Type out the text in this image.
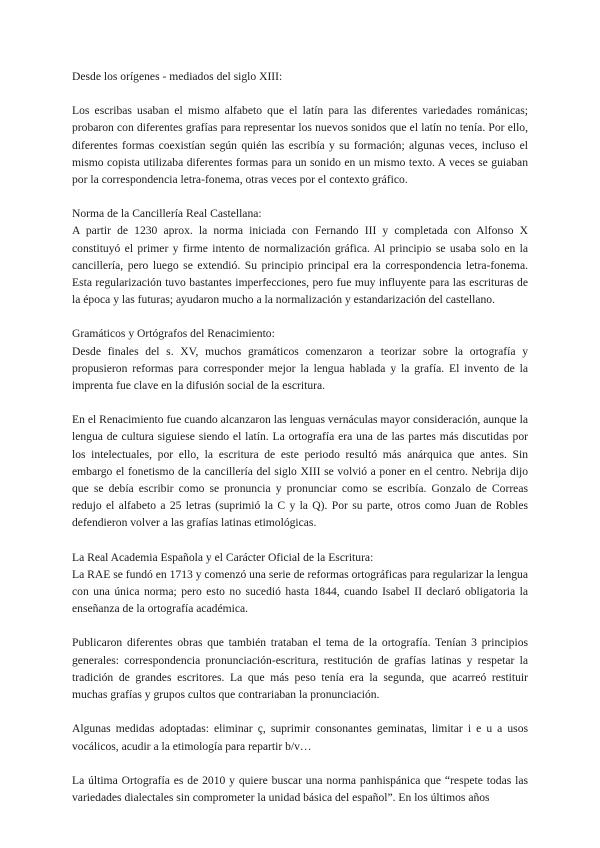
Desde los orígenes - mediados del siglo XIII:

Los escribas usaban el mismo alfabeto que el latín para las diferentes variedades románicas; probaron con diferentes grafías para representar los nuevos sonidos que el latín no tenía. Por ello, diferentes formas coexistían según quién las escribía y su formación; algunas veces, incluso el mismo copista utilizaba diferentes formas para un sonido en un mismo texto. A veces se guiaban por la correspondencia letra-fonema, otras veces por el contexto gráfico.

Norma de la Cancillería Real Castellana:

A partir de 1230 aprox. la norma iniciada con Fernando III y completada con Alfonso X constituyó el primer y firme intento de normalización gráfica. Al principio se usaba solo en la cancillería, pero luego se extendió. Su principio principal era la correspondencia letra-fonema. Esta regularización tuvo bastantes imperfecciones, pero fue muy influyente para las escrituras de la época y las futuras; ayudaron mucho a la normalización y estandarización del castellano.

Gramáticos y Ortógrafos del Renacimiento:

Desde finales del s. XV, muchos gramáticos comenzaron a teorizar sobre la ortografía y propusieron reformas para corresponder mejor la lengua hablada y la grafía. El invento de la imprenta fue clave en la difusión social de la escritura.

En el Renacimiento fue cuando alcanzaron las lenguas vernáculas mayor consideración, aunque la lengua de cultura siguiese siendo el latín. La ortografía era una de las partes más discutidas por los intelectuales, por ello, la escritura de este periodo resultó más anárquica que antes. Sin embargo el fonetismo de la cancillería del siglo XIII se volvió a poner en el centro. Nebrija dijo que se debía escribir como se pronuncia y pronunciar como se escribía. Gonzalo de Correas redujo el alfabeto a 25 letras (suprimió la C y la Q). Por su parte, otros como Juan de Robles defendieron volver a las grafías latinas etimológicas.

La Real Academia Española y el Carácter Oficial de la Escritura:

La RAE se fundó en 1713 y comenzó una serie de reformas ortográficas para regularizar la lengua con una única norma; pero esto no sucedió hasta 1844, cuando Isabel II declaró obligatoria la enseñanza de la ortografía académica.

Publicaron diferentes obras que también trataban el tema de la ortografía. Tenían 3 principios generales: correspondencia pronunciación-escritura, restitución de grafías latinas y respetar la tradición de grandes escritores. La que más peso tenía era la segunda, que acarreó restituir muchas grafías y grupos cultos que contrariaban la pronunciación.

Algunas medidas adoptadas: eliminar ç, suprimir consonantes geminatas, limitar i e u a usos vocálicos, acudir a la etimología para repartir b/v…

La última Ortografía es de 2010 y quiere buscar una norma panhispánica que “respete todas las variedades dialectales sin comprometer la unidad básica del español”. En los últimos años
